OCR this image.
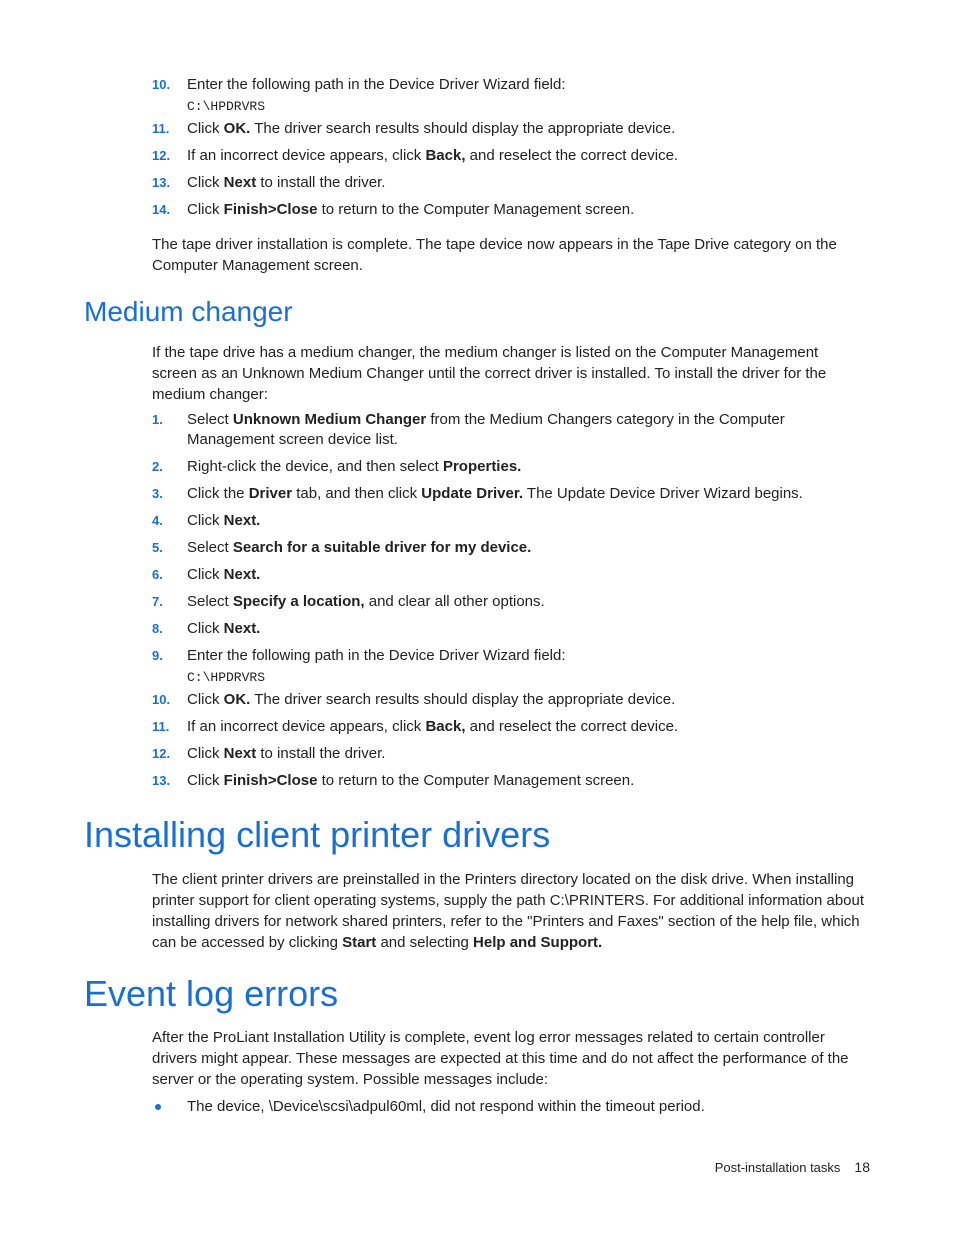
10. Enter the following path in the Device Driver Wizard field:
C:\HPDRVRS
11. Click OK. The driver search results should display the appropriate device.
12. If an incorrect device appears, click Back, and reselect the correct device.
13. Click Next to install the driver.
14. Click Finish>Close to return to the Computer Management screen.

The tape driver installation is complete. The tape device now appears in the Tape Drive category on the Computer Management screen.

Medium changer

If the tape drive has a medium changer, the medium changer is listed on the Computer Management screen as an Unknown Medium Changer until the correct driver is installed. To install the driver for the medium changer:

1. Select Unknown Medium Changer from the Medium Changers category in the Computer Management screen device list.
2. Right-click the device, and then select Properties.
3. Click the Driver tab, and then click Update Driver. The Update Device Driver Wizard begins.
4. Click Next.
5. Select Search for a suitable driver for my device.
6. Click Next.
7. Select Specify a location, and clear all other options.
8. Click Next.
9. Enter the following path in the Device Driver Wizard field:
C:\HPDRVRS
10. Click OK. The driver search results should display the appropriate device.
11. If an incorrect device appears, click Back, and reselect the correct device.
12. Click Next to install the driver.
13. Click Finish>Close to return to the Computer Management screen.
Installing client printer drivers

The client printer drivers are preinstalled in the Printers directory located on the disk drive. When installing printer support for client operating systems, supply the path C:\PRINTERS. For additional information about installing drivers for network shared printers, refer to the "Printers and Faxes" section of the help file, which can be accessed by clicking Start and selecting Help and Support.

Event log errors

After the ProLiant Installation Utility is complete, event log error messages related to certain controller drivers might appear. These messages are expected at this time and do not affect the performance of the server or the operating system. Possible messages include:

The device, \Device\scsi\adpul60ml, did not respond within the timeout period.
Post-installation tasks 18
